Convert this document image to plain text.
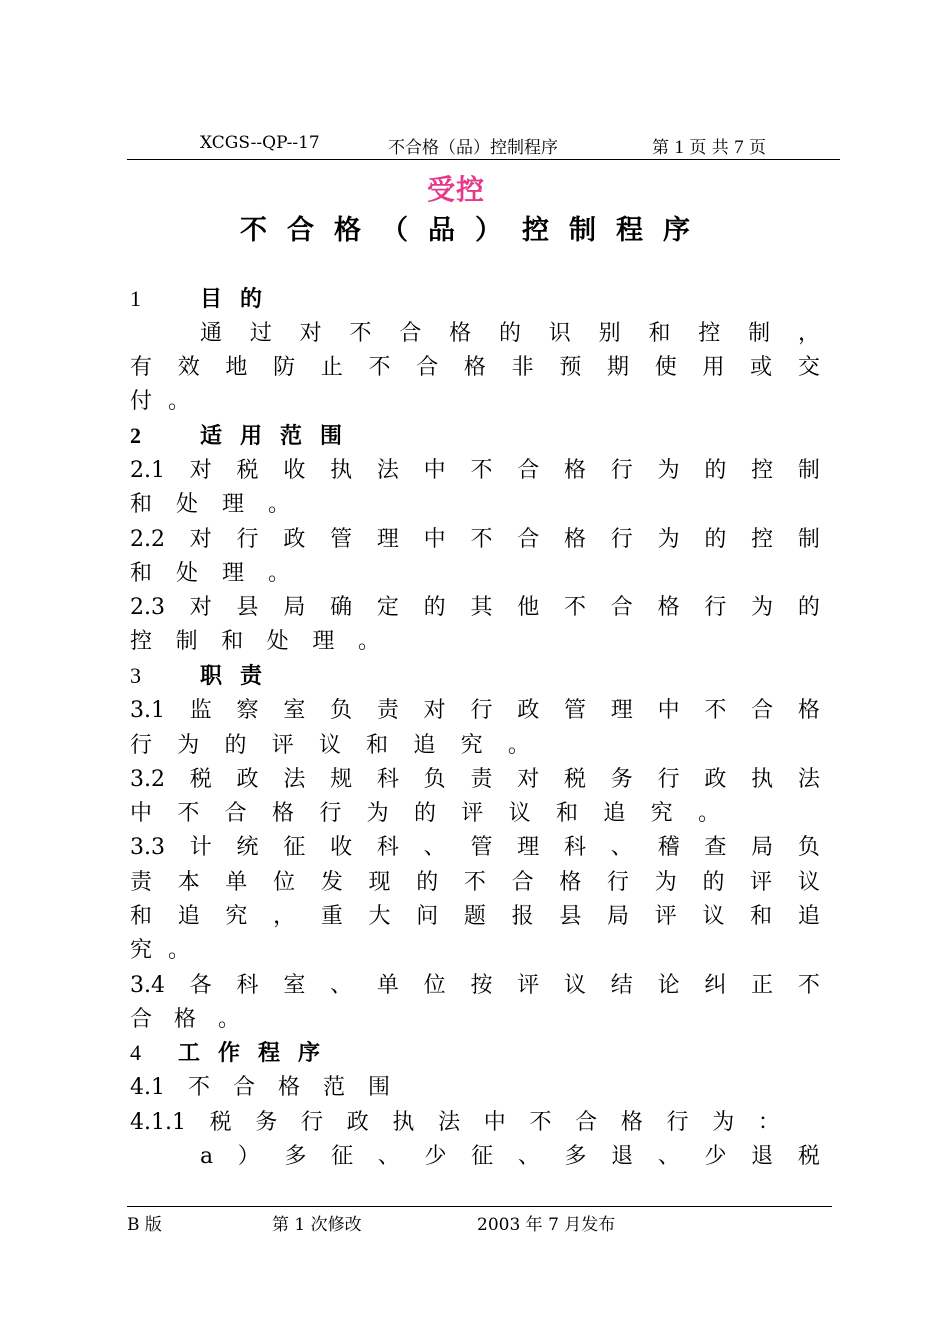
XCGS--QP--17	不合格（品）控制程序	第 1 页 共 7 页
受控
不合格（品）控制程序
1	目的
通 过 对 不 合 格 的 识 别 和 控 制 ，
有 效 地 防 止 不 合 格 非 预 期 使 用 或 交
付 。
2	适用范围
2.1 对 税 收 执 法 中 不 合 格 行 为 的 控 制
和 处 理 。
2.2 对 行 政 管 理 中 不 合 格 行 为 的 控 制
和 处 理 。
2.3 对 县 局 确 定 的 其 他 不 合 格 行 为 的
控 制 和 处 理 。
3	职责
3.1 监 察 室 负 责 对 行 政 管 理 中 不 合 格
行 为 的 评 议 和 追 究 。
3.2 税 政 法 规 科 负 责 对 税 务 行 政 执 法
中 不 合 格 行 为 的 评 议 和 追 究 。
3.3 计 统 征 收 科 、 管 理 科 、 稽 查 局 负
责 本 单 位 发 现 的 不 合 格 行 为 的 评 议
和 追 究 ， 重 大 问 题 报 县 局 评 议 和 追
究 。
3.4 各 科 室 、 单 位 按 评 议 结 论 纠 正 不
合 格 。
4 工作程序
4.1 不 合 格 范 围
4.1.1 税 务 行 政 执 法 中 不 合 格 行 为 ：
a ） 多 征 、 少 征 、 多 退 、 少 退 税
B 版	第 1 次修改	2003 年 7 月发布
